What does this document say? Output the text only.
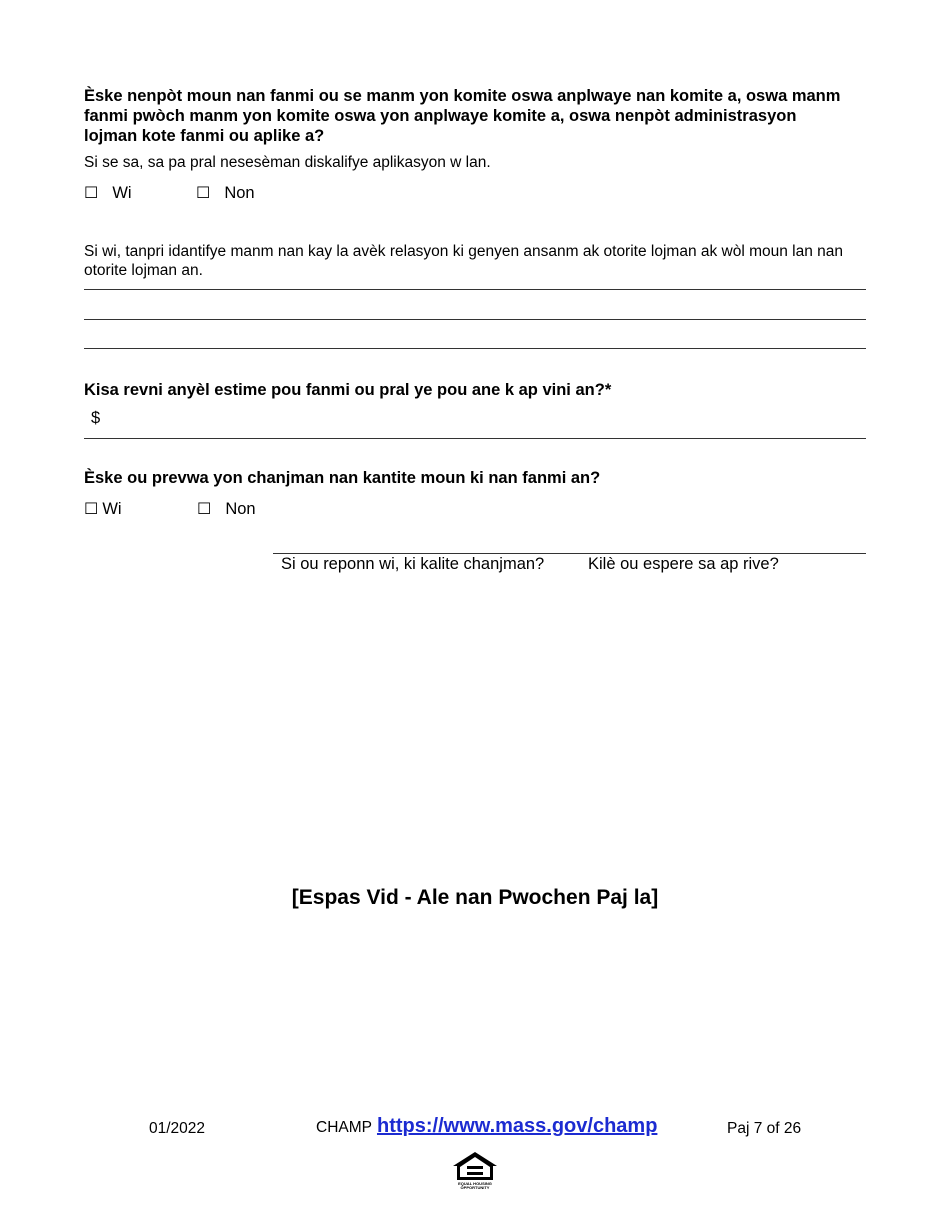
Èske nenpòt moun nan fanmi ou se manm yon komite oswa anplwaye nan komite a, oswa manm fanmi pwòch manm yon komite oswa yon anplwaye komite a, oswa nenpòt administrasyon lojman kote fanmi ou aplike a?
Si se sa, sa pa pral nesesèman diskalifye aplikasyon w lan.
☐ Wi	☐ Non
Si wi, tanpri idantifye manm nan kay la avèk relasyon ki genyen ansanm ak otorite lojman ak wòl moun lan nan otorite lojman an.
Kisa revni anyèl estime pou fanmi ou pral ye pou ane k ap vini an?*
$
Èske ou prevwa yon chanjman nan kantite moun ki nan fanmi an?
☐ Wi	☐ Non
Si ou reponn wi, ki kalite chanjman?	Kilè ou espere sa ap rive?
[Espas Vid - Ale nan Pwochen Paj la]
01/2022	CHAMP https://www.mass.gov/champ	Paj 7 of 26
EQUAL HOUSING OPPORTUNITY
